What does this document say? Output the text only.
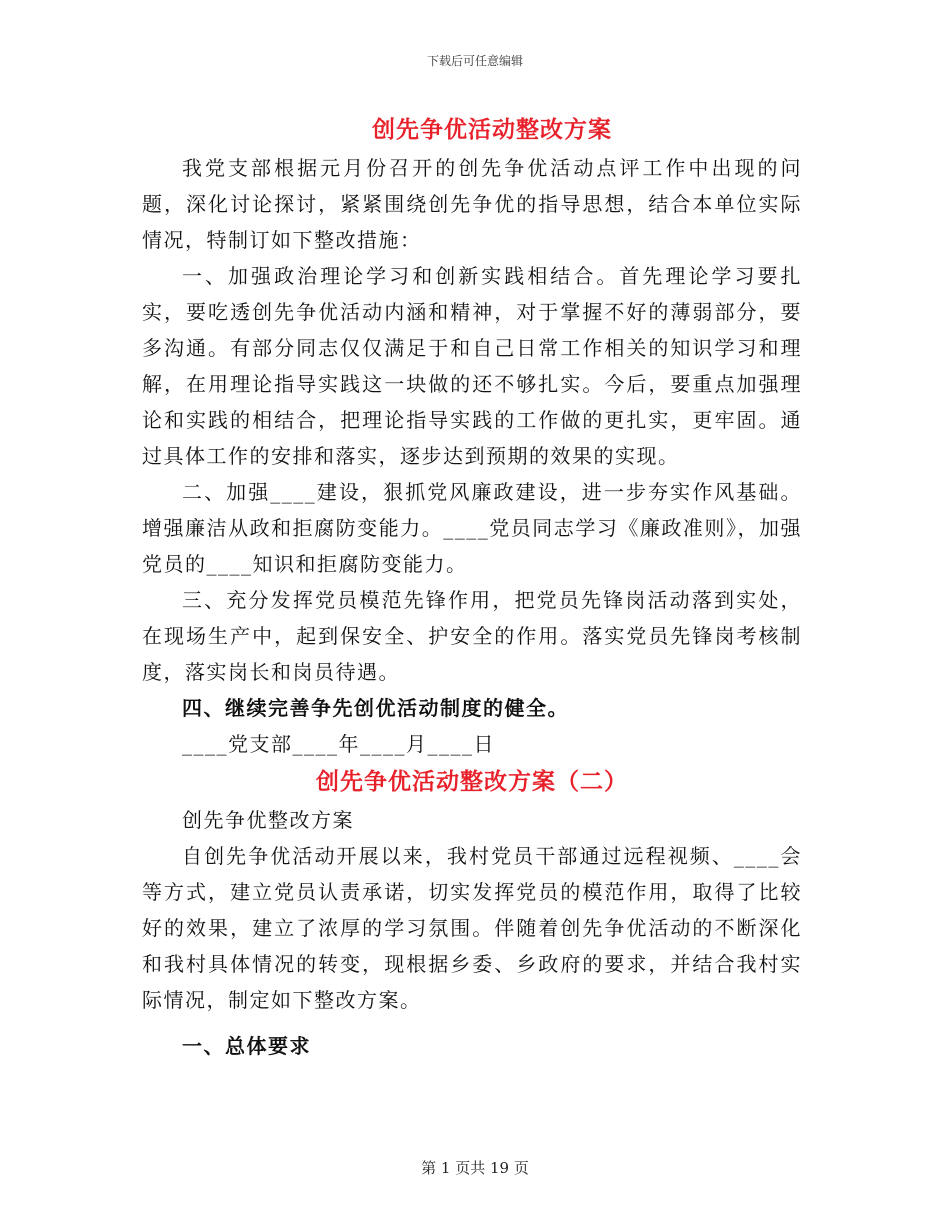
下载后可任意编辑
创先争优活动整改方案

我党支部根据元月份召开的创先争优活动点评工作中出现的问题，深化讨论探讨，紧紧围绕创先争优的指导思想，结合本单位实际情况，特制订如下整改措施：

一、加强政治理论学习和创新实践相结合。首先理论学习要扎实，要吃透创先争优活动内涵和精神，对于掌握不好的薄弱部分，要多沟通。有部分同志仅仅满足于和自己日常工作相关的知识学习和理解，在用理论指导实践这一块做的还不够扎实。今后，要重点加强理论和实践的相结合，把理论指导实践的工作做的更扎实，更牢固。通过具体工作的安排和落实，逐步达到预期的效果的实现。

二、加强____建设，狠抓党风廉政建设，进一步夯实作风基础。增强廉洁从政和拒腐防变能力。____党员同志学习《廉政准则》，加强党员的____知识和拒腐防变能力。

三、充分发挥党员模范先锋作用，把党员先锋岗活动落到实处，在现场生产中，起到保安全、护安全的作用。落实党员先锋岗考核制度，落实岗长和岗员待遇。

四、继续完善争先创优活动制度的健全。

____党支部____年____月____日

创先争优活动整改方案（二）

创先争优整改方案

自创先争优活动开展以来，我村党员干部通过远程视频、____会等方式，建立党员认责承诺，切实发挥党员的模范作用，取得了比较好的效果，建立了浓厚的学习氛围。伴随着创先争优活动的不断深化和我村具体情况的转变，现根据乡委、乡政府的要求，并结合我村实际情况，制定如下整改方案。

一、总体要求

第 1 页共 19 页
